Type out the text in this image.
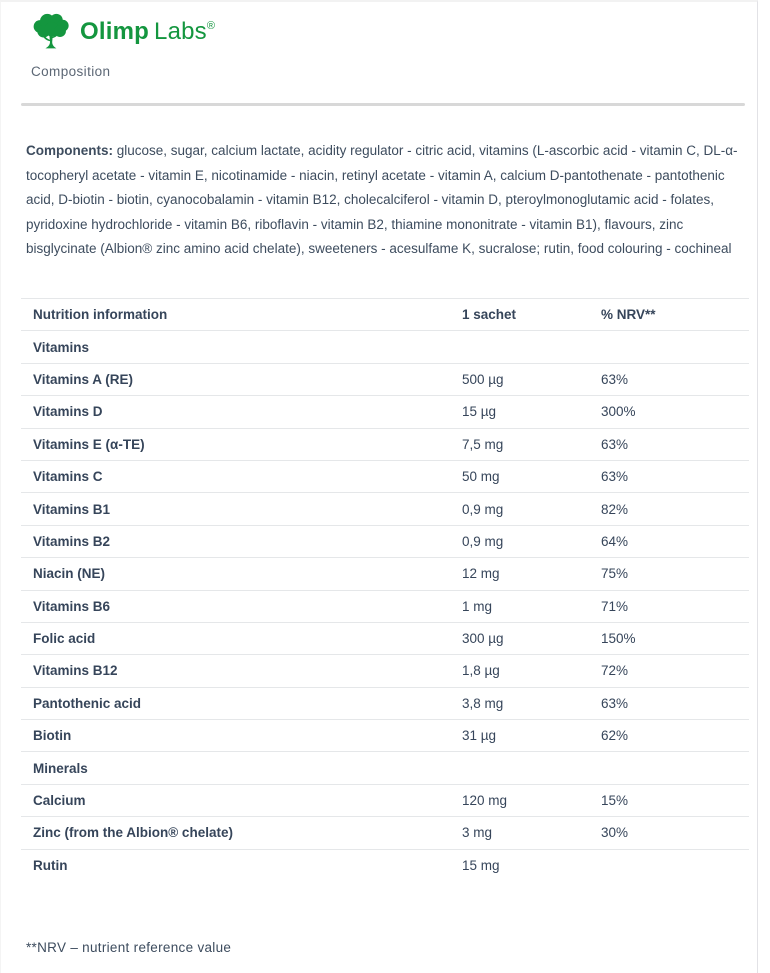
Olimp Labs®
Composition

Components: glucose, sugar, calcium lactate, acidity regulator - citric acid, vitamins (L-ascorbic acid - vitamin C, DL-α-tocopheryl acetate - vitamin E, nicotinamide - niacin, retinyl acetate - vitamin A, calcium D-pantothenate - pantothenic acid, D-biotin - biotin, cyanocobalamin - vitamin B12, cholecalciferol - vitamin D, pteroylmonoglutamic acid - folates, pyridoxine hydrochloride - vitamin B6, riboflavin - vitamin B2, thiamine mononitrate - vitamin B1), flavours, zinc bisglycinate (Albion® zinc amino acid chelate), sweeteners - acesulfame K, sucralose; rutin, food colouring - cochineal

Nutrition information	1 sachet	% NRV**
Vitamins		
Vitamins A (RE)	500 µg	63%
Vitamins D	15 µg	300%
Vitamins E (α-TE)	7,5 mg	63%
Vitamins C	50 mg	63%
Vitamins B1	0,9 mg	82%
Vitamins B2	0,9 mg	64%
Niacin (NE)	12 mg	75%
Vitamins B6	1 mg	71%
Folic acid	300 µg	150%
Vitamins B12	1,8 µg	72%
Pantothenic acid	3,8 mg	63%
Biotin	31 µg	62%
Minerals		
Calcium	120 mg	15%
Zinc (from the Albion® chelate)	3 mg	30%
Rutin	15 mg	
**NRV – nutrient reference value
